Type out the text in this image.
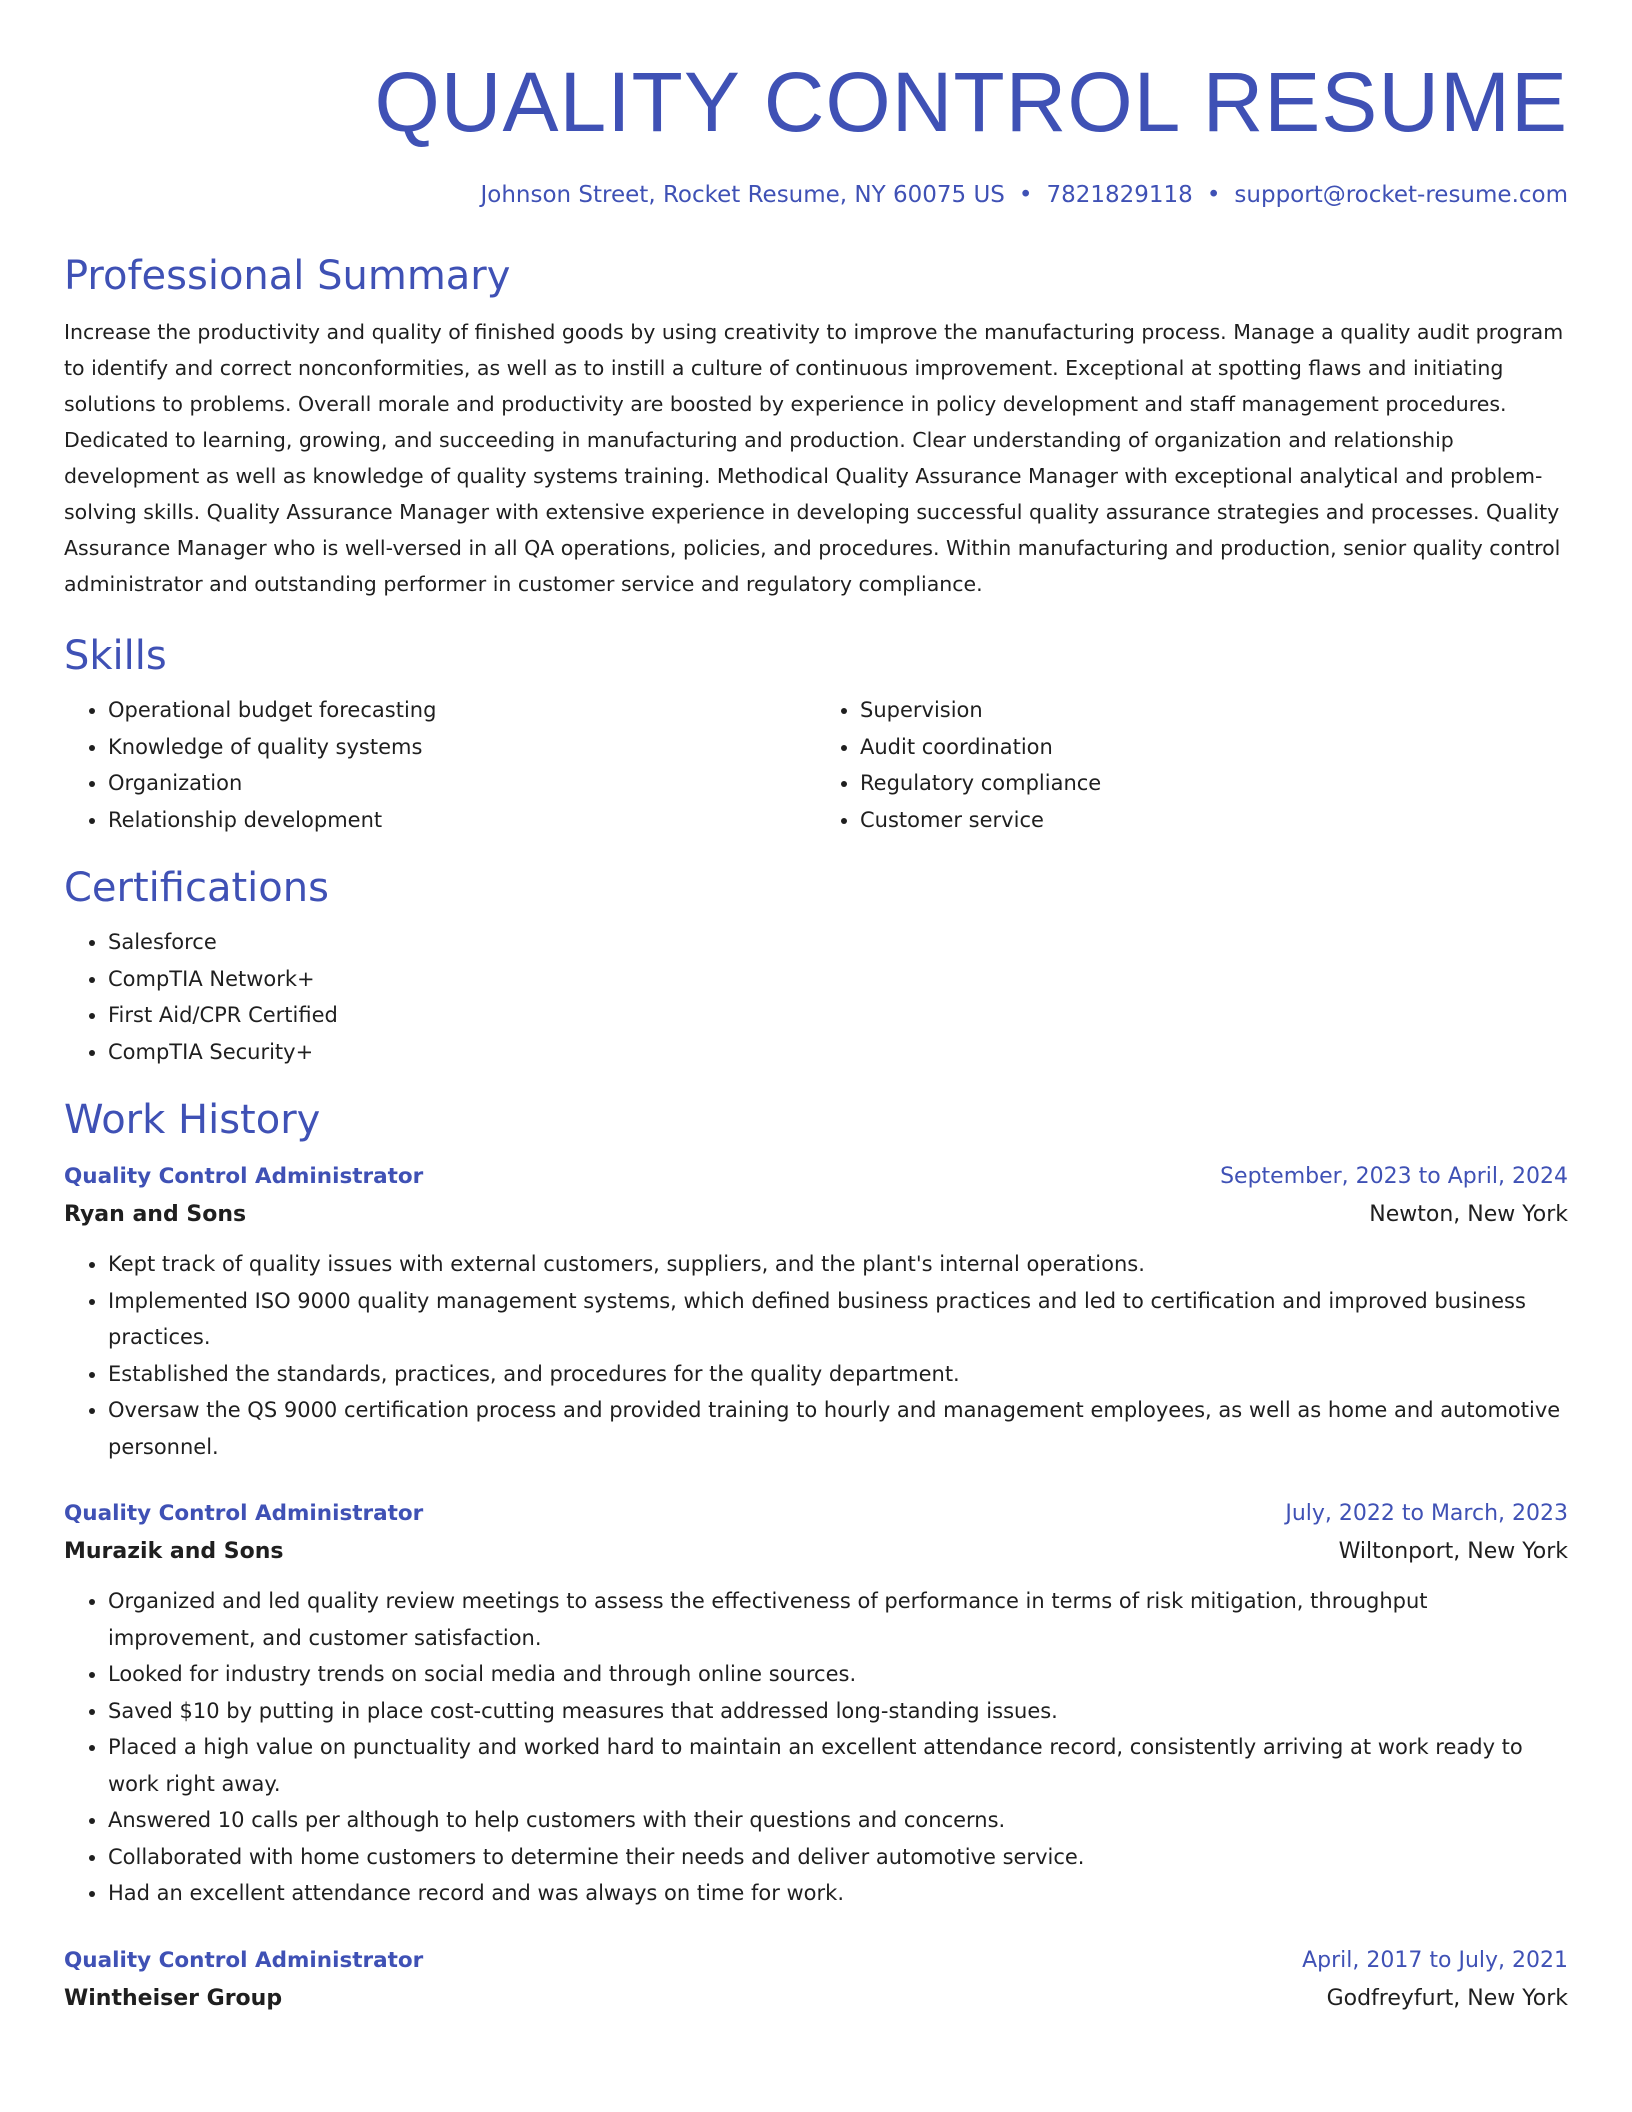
QUALITY CONTROL RESUME
Johnson Street, Rocket Resume, NY 60075 US • 7821829118 • support@rocket-resume.com
Professional Summary

Increase the productivity and quality of finished goods by using creativity to improve the manufacturing process. Manage a quality audit program to identify and correct nonconformities, as well as to instill a culture of continuous improvement. Exceptional at spotting flaws and initiating solutions to problems. Overall morale and productivity are boosted by experience in policy development and staff management procedures. Dedicated to learning, growing, and succeeding in manufacturing and production. Clear understanding of organization and relationship development as well as knowledge of quality systems training. Methodical Quality Assurance Manager with exceptional analytical and problem-solving skills. Quality Assurance Manager with extensive experience in developing successful quality assurance strategies and processes. Quality Assurance Manager who is well-versed in all QA operations, policies, and procedures. Within manufacturing and production, senior quality control administrator and outstanding performer in customer service and regulatory compliance.

Skills
• Operational budget forecasting
• Knowledge of quality systems
• Organization
• Relationship development
• Supervision
• Audit coordination
• Regulatory compliance
• Customer service
Certifications
• Salesforce
• CompTIA Network+
• First Aid/CPR Certified
• CompTIA Security+
Work History
Quality Control Administrator	September, 2023 to April, 2024
Ryan and Sons	Newton, New York
• Kept track of quality issues with external customers, suppliers, and the plant's internal operations.
• Implemented ISO 9000 quality management systems, which defined business practices and led to certification and improved business practices.
• Established the standards, practices, and procedures for the quality department.
• Oversaw the QS 9000 certification process and provided training to hourly and management employees, as well as home and automotive personnel.
Quality Control Administrator	July, 2022 to March, 2023
Murazik and Sons	Wiltonport, New York
• Organized and led quality review meetings to assess the effectiveness of performance in terms of risk mitigation, throughput improvement, and customer satisfaction.
• Looked for industry trends on social media and through online sources.
• Saved $10 by putting in place cost-cutting measures that addressed long-standing issues.
• Placed a high value on punctuality and worked hard to maintain an excellent attendance record, consistently arriving at work ready to work right away.
• Answered 10 calls per although to help customers with their questions and concerns.
• Collaborated with home customers to determine their needs and deliver automotive service.
• Had an excellent attendance record and was always on time for work.
Quality Control Administrator	April, 2017 to July, 2021
Wintheiser Group	Godfreyfurt, New York
